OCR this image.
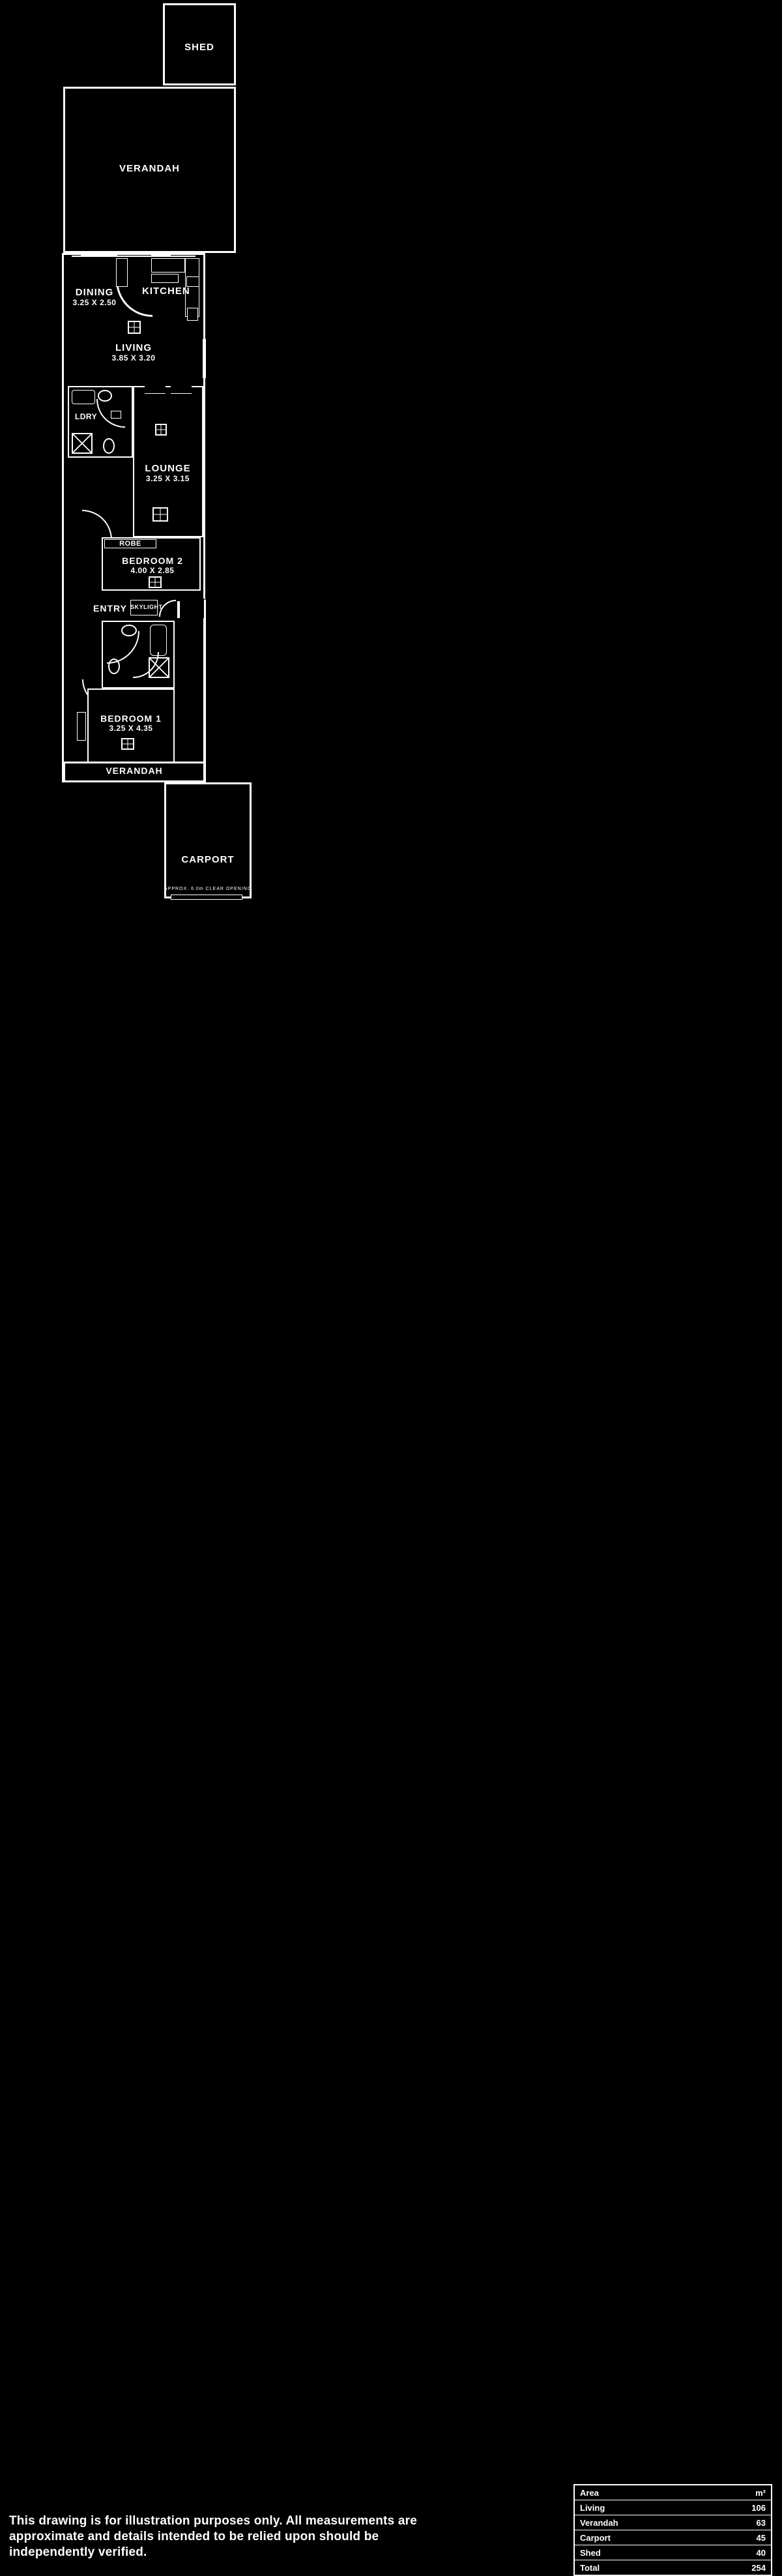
SHED
VERANDAH
DINING
3.25 X 2.50
KITCHEN
LIVING
3.85 X 3.20
LDRY
LOUNGE
3.25 X 3.15
ROBE
BEDROOM 2
4.00 X 2.85
ENTRY SKYLIGHT
BEDROOM 1
3.25 X 4.35
VERANDAH
CARPORT
APPROX. 6.0m CLEAR OPENING
Area	m²
Living	106
Verandah	63
Carport	45
Shed	40
Total	254
This drawing is for illustration purposes only. All measurements are approximate and details intended to be relied upon should be independently verified.
